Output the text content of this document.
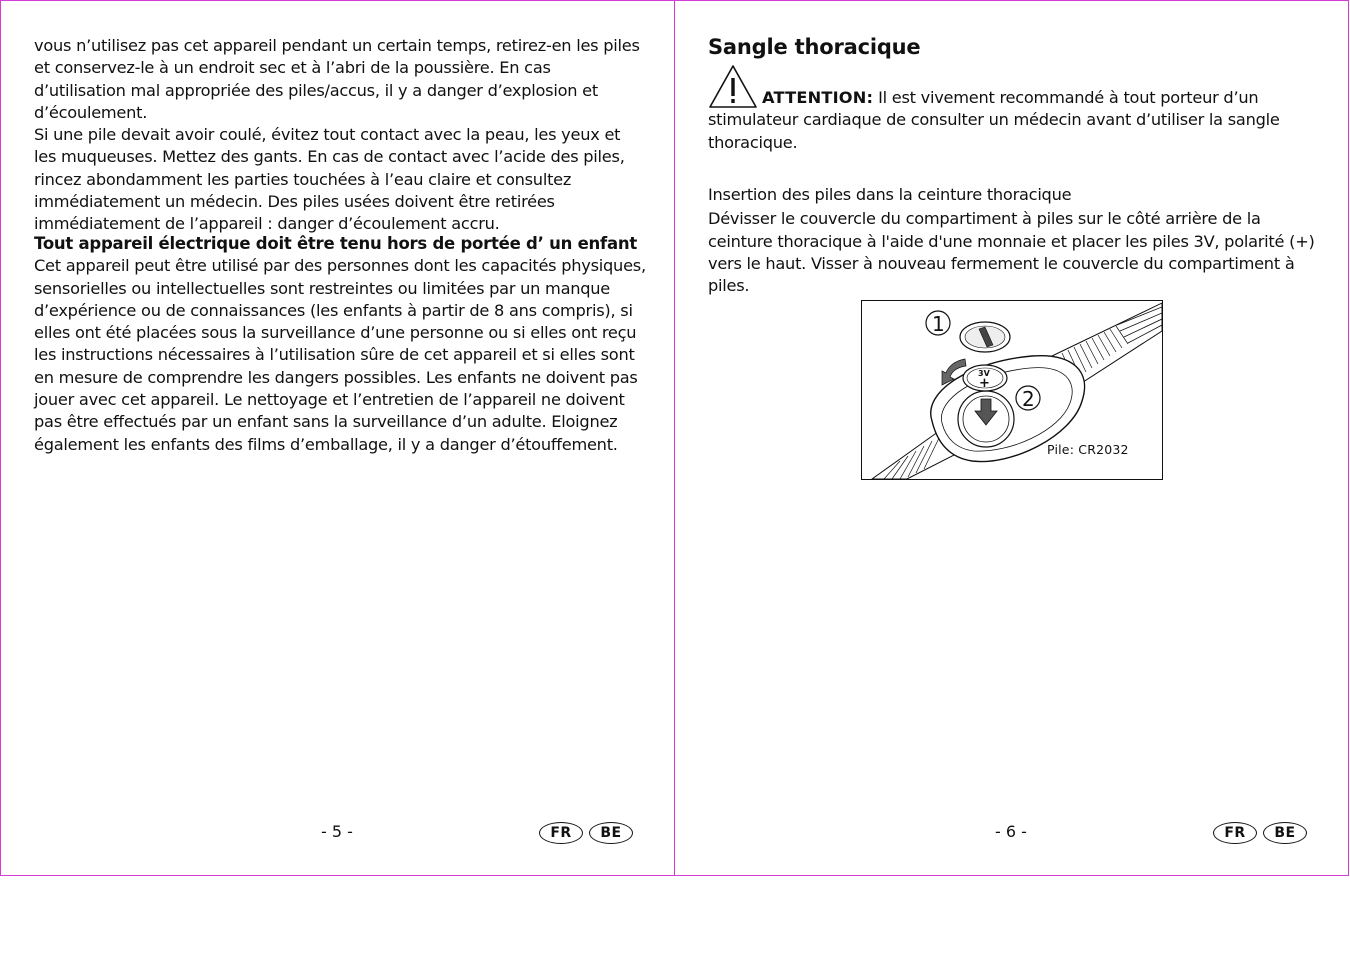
vous n’utilisez pas cet appareil pendant un certain temps, retirez-en les piles et conservez-le à un endroit sec et à l’abri de la poussière. En cas d’utilisation mal appropriée des piles/accus, il y a danger d’explosion et d’écoulement.

Si une pile devait avoir coulé, évitez tout contact avec la peau, les yeux et les muqueuses. Mettez des gants. En cas de contact avec l’acide des piles, rincez abondamment les parties touchées à l’eau claire et consultez immédiatement un médecin. Des piles usées doivent être retirées immédiatement de l’appareil : danger d’écoulement accru.

Tout appareil électrique doit être tenu hors de portée d’ un enfant

Cet appareil peut être utilisé par des personnes dont les capacités physiques, sensorielles ou intellectuelles sont restreintes ou limitées par un manque d’expérience ou de connaissances (les enfants à partir de 8 ans compris), si elles ont été placées sous la surveillance d’une personne ou si elles ont reçu les instructions nécessaires à l’utilisation sûre de cet appareil et si elles sont en mesure de comprendre les dangers possibles. Les enfants ne doivent pas jouer avec cet appareil. Le nettoyage et l’entretien de l’appareil ne doivent pas être effectués par un enfant sans la surveillance d’un adulte. Eloignez également les enfants des films d’emballage, il y a danger d’étouffement.

- 5 -	FR	BE
Sangle thoracique
ATTENTION: Il est vivement recommandé à tout porteur d’un
stimulateur cardiaque de consulter un médecin avant d’utiliser la sangle thoracique.

Insertion des piles dans la ceinture thoracique

Dévisser le couvercle du compartiment à piles sur le côté arrière de la ceinture thoracique à l'aide d'une monnaie et placer les piles 3V, polarité (+) vers le haut. Visser à nouveau fermement le couvercle du compartiment à piles.

3V
+
1
2
Pile: CR2032
- 6 -	FR	BE
